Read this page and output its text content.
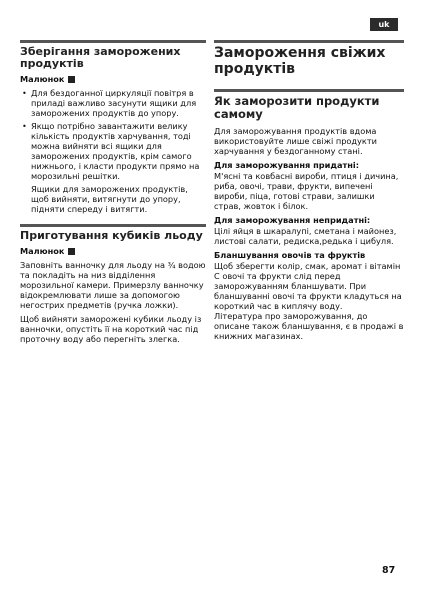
uk
Зберігання заморожених продуктів
Малюнок
• Для бездоганної циркуляції повітря в приладі важливо засунути ящики для заморожених продуктів до упору.
• Якщо потрібно завантажити велику кількість продуктів харчування, тоді можна вийняти всі ящики для заморожених продуктів, крім самого нижнього, і класти продукти прямо на морозильні решітки.

Ящики для заморожених продуктів, щоб вийняти, витягнути до упору, підняти спереду і витягти.

Приготування кубиків льоду
Малюнок

Заповніть ванночку для льоду на ¾ водою та покладіть на низ відділення морозильної камери. Примерзлу ванночку відокремлювати лише за допомогою негострих предметів (ручка ложки).

Щоб вийняти заморожені кубики льоду із ванночки, опустіть її на короткий час під проточну воду або перегніть злегка.

Замороження свіжих продуктів
Як заморозити продукти самому

Для заморожування продуктів вдома використовуйте лише свіжі продукти харчування у бездоганному стані.

Для заморожування придатні:

М'ясні та ковбасні вироби, птиця і дичина, риба, овочі, трави, фрукти, випечені вироби, піца, готові страви, залишки страв, жовток і білок.

Для заморожування непридатні:

Цілі яйця в шкаралупі, сметана і майонез, листові салати, редиска,редька і цибуля.

Бланшування овочів та фруктів

Щоб зберегти колір, смак, аромат і вітамін С овочі та фрукти слід перед заморожуванням бланшувати. При бланшуванні овочі та фрукти кладуться на короткий час в киплячу воду.

Література про заморожування, до описане також бланшування, є в продажі в книжних магазинах.

87
